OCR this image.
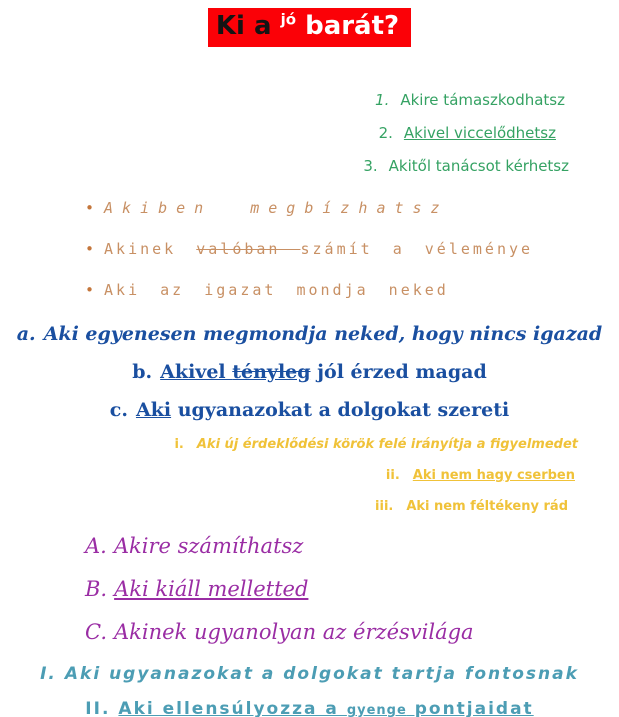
Ki a $^{jó}$ barát?
1. Akire támaszkodhatsz
2. Akivel viccelődhetsz
3. Akitől tanácsot kérhetsz
• Akiben megbízhatsz
• Akinek valóban számít a véleménye
• Aki az igazat mondja neked
a. Aki egyenesen megmondja neked, hogy nincs igazad
b. Akivel tényleg jól érzed magad
c. Aki ugyanazokat a dolgokat szereti
i. Aki új érdeklődési körök felé irányítja a figyelmedet
ii. Aki nem hagy cserben
iii. Aki nem féltékeny rád
A. Akire számíthatsz
B. Aki kiáll melletted
C. Akinek ugyanolyan az érzésvilága
I. Aki ugyanazokat a dolgokat tartja fontosnak
II. Aki ellensúlyozza a gyenge pontjaidat
